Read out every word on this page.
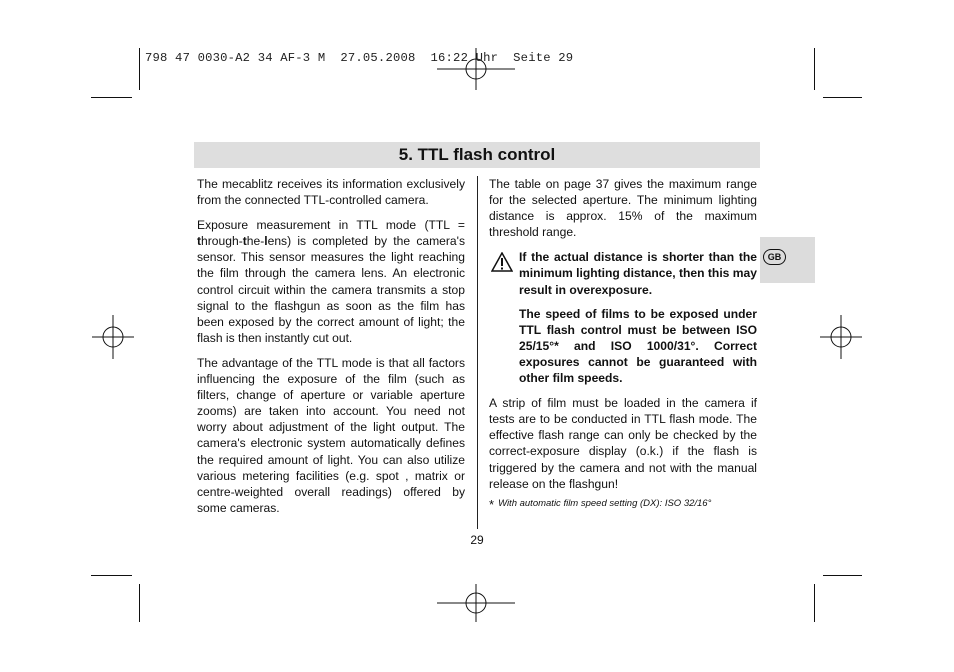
798 47 0030-A2 34 AF-3 M  27.05.2008  16:22 Uhr  Seite 29
5. TTL flash control

The mecablitz receives its information exclusively from the connected TTL-controlled camera.

Exposure measurement in TTL mode (TTL = through-the-lens) is completed by the camera's sensor. This sensor measures the light reaching the film through the camera lens. An electronic control circuit within the camera transmits a stop signal to the flashgun as soon as the film has been exposed by the correct amount of light; the flash is then instantly cut out.

The advantage of the TTL mode is that all factors influencing the exposure of the film (such as filters, change of aperture or variable aperture zooms) are taken into account. You need not worry about adjustment of the light output. The camera's electronic system automatically defines the required amount of light. You can also utilize various metering facilities (e.g. spot , matrix or centre-weighted overall readings) offered by some cameras.

The table on page 37 gives the maximum range for the selected aperture. The minimum lighting distance is approx. 15% of the maximum threshold range.

If the actual distance is shorter than the minimum lighting distance, then this may result in overexposure.

The speed of films to be exposed under TTL flash control must be between ISO 25/15°* and ISO 1000/31°. Correct exposures cannot be guaranteed with other film speeds.

A strip of film must be loaded in the camera if tests are to be conducted in TTL flash mode. The effective flash range can only be checked by the correct-exposure display (o.k.) if the flash is triggered by the camera and not with the manual release on the flashgun!

* With automatic film speed setting (DX): ISO 32/16°
GB
29
